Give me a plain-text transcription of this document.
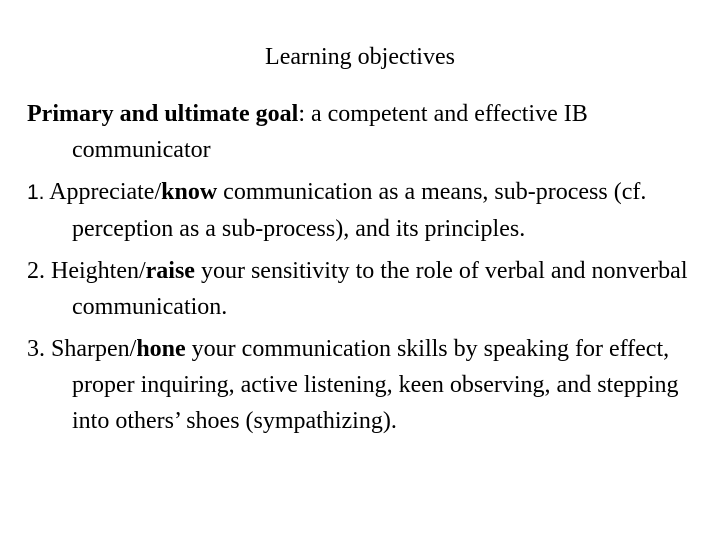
Learning objectives
Primary and ultimate goal: a competent and effective IB communicator
1. Appreciate/know communication as a means, sub-process (cf. perception as a sub-process), and its principles.
2. Heighten/raise your sensitivity to the role of verbal and nonverbal communication.
3. Sharpen/hone your communication skills by speaking for effect, proper inquiring, active listening, keen observing, and stepping into others’ shoes (sympathizing).
